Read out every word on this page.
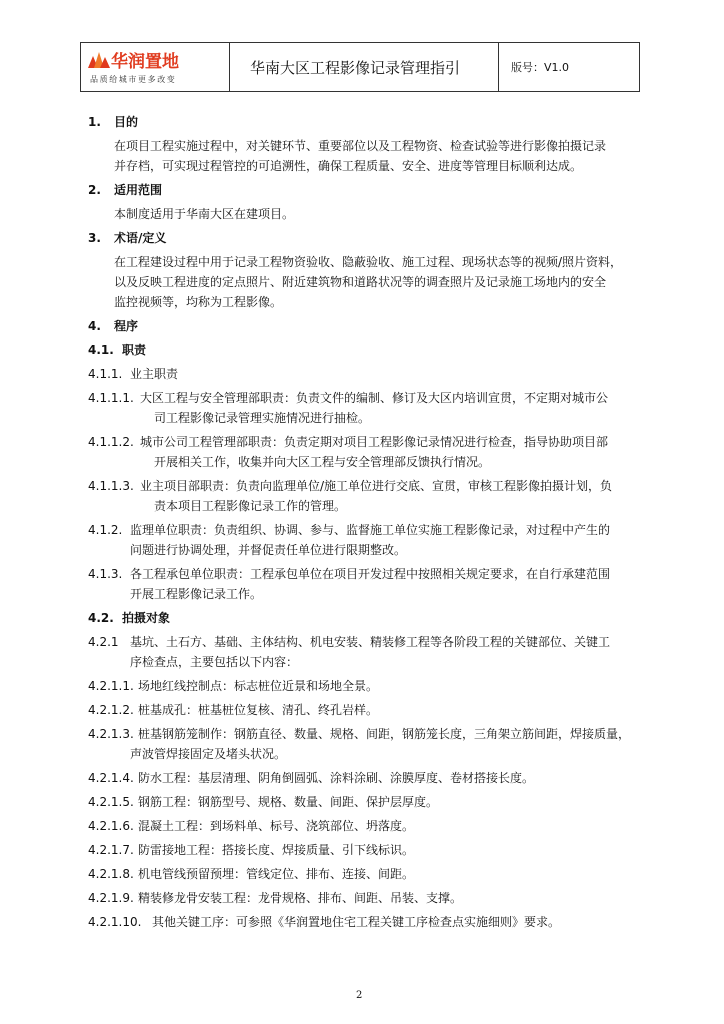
华润置地
品质给城市更多改变
华南大区工程影像记录管理指引	版号：V1.0
1. 目的
在项目工程实施过程中，对关键环节、重要部位以及工程物资、检查试验等进行影像拍摄记录
并存档，可实现过程管控的可追溯性，确保工程质量、安全、进度等管理目标顺利达成。
2. 适用范围
本制度适用于华南大区在建项目。
3. 术语/定义
在工程建设过程中用于记录工程物资验收、隐蔽验收、施工过程、现场状态等的视频/照片资料，
以及反映工程进度的定点照片、附近建筑物和道路状况等的调查照片及记录施工场地内的安全
监控视频等，均称为工程影像。
4. 程序
4.1. 职责
4.1.1. 业主职责
4.1.1.1. 大区工程与安全管理部职责：负责文件的编制、修订及大区内培训宣贯，不定期对城市公
司工程影像记录管理实施情况进行抽检。
4.1.1.2. 城市公司工程管理部职责：负责定期对项目工程影像记录情况进行检查，指导协助项目部
开展相关工作，收集并向大区工程与安全管理部反馈执行情况。
4.1.1.3. 业主项目部职责：负责向监理单位/施工单位进行交底、宣贯，审核工程影像拍摄计划，负
责本项目工程影像记录工作的管理。
4.1.2. 监理单位职责：负责组织、协调、参与、监督施工单位实施工程影像记录，对过程中产生的
问题进行协调处理，并督促责任单位进行限期整改。
4.1.3. 各工程承包单位职责：工程承包单位在项目开发过程中按照相关规定要求，在自行承建范围
开展工程影像记录工作。
4.2. 拍摄对象
4.2.1 基坑、土石方、基础、主体结构、机电安装、精装修工程等各阶段工程的关键部位、关键工
序检查点，主要包括以下内容：
4.2.1.1. 场地红线控制点：标志桩位近景和场地全景。
4.2.1.2. 桩基成孔：桩基桩位复核、清孔、终孔岩样。
4.2.1.3. 桩基钢筋笼制作：钢筋直径、数量、规格、间距，钢筋笼长度，三角架立筋间距，焊接质量，
声波管焊接固定及堵头状况。
4.2.1.4. 防水工程：基层清理、阴角倒圆弧、涂料涂刷、涂膜厚度、卷材搭接长度。
4.2.1.5. 钢筋工程：钢筋型号、规格、数量、间距、保护层厚度。
4.2.1.6. 混凝土工程：到场料单、标号、浇筑部位、坍落度。
4.2.1.7. 防雷接地工程：搭接长度、焊接质量、引下线标识。
4.2.1.8. 机电管线预留预埋：管线定位、排布、连接、间距。
4.2.1.9. 精装修龙骨安装工程：龙骨规格、排布、间距、吊装、支撑。
4.2.1.10. 其他关键工序：可参照《华润置地住宅工程关键工序检查点实施细则》要求。
2
